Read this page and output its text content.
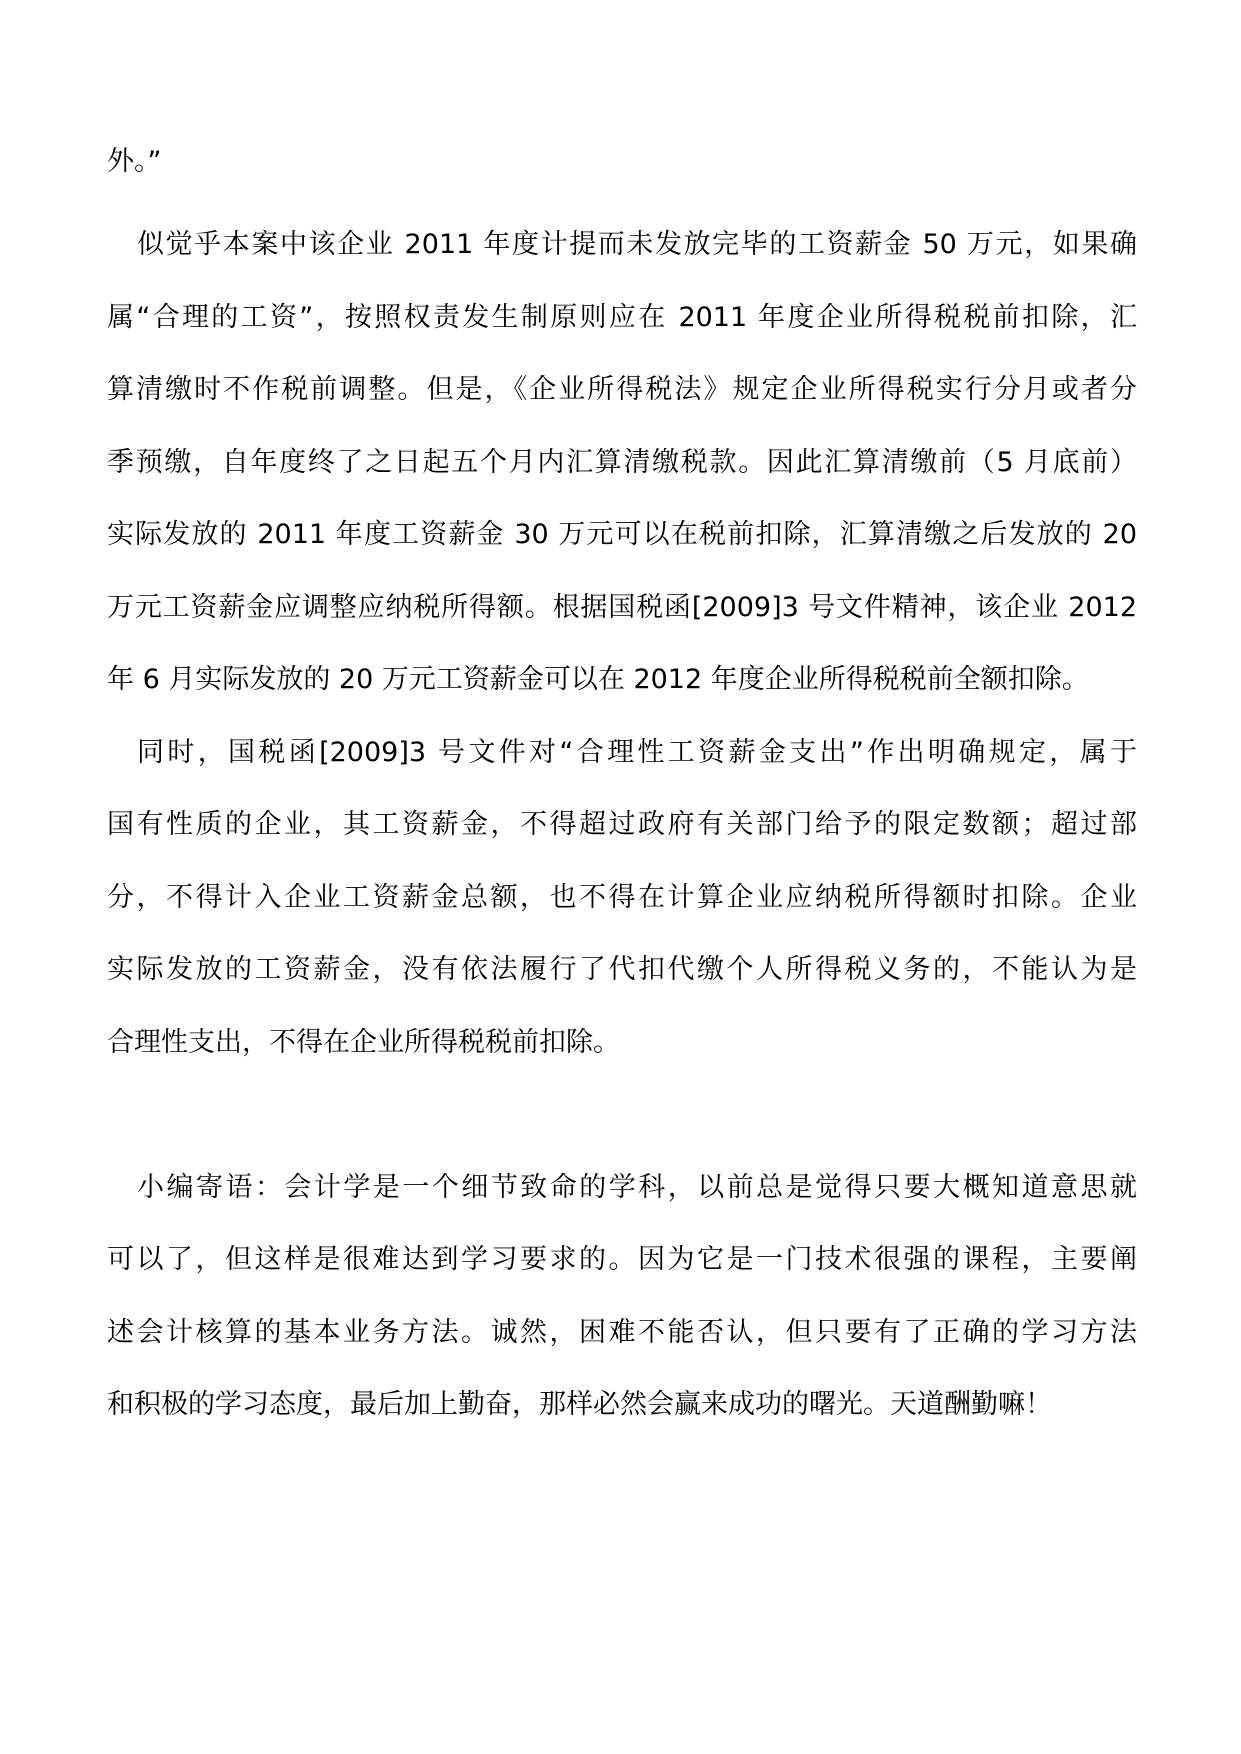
外。”
似觉乎本案中该企业 2011 年度计提而未发放完毕的工资薪金 50 万元，如果确
属“合理的工资”，按照权责发生制原则应在 2011 年度企业所得税税前扣除，汇
算清缴时不作税前调整。但是，《企业所得税法》规定企业所得税实行分月或者分
季预缴，自年度终了之日起五个月内汇算清缴税款。因此汇算清缴前（5 月底前）
实际发放的 2011 年度工资薪金 30 万元可以在税前扣除，汇算清缴之后发放的 20
万元工资薪金应调整应纳税所得额。根据国税函[2009]3 号文件精神，该企业 2012
年 6 月实际发放的 20 万元工资薪金可以在 2012 年度企业所得税税前全额扣除。
同时，国税函[2009]3 号文件对“合理性工资薪金支出”作出明确规定，属于
国有性质的企业，其工资薪金，不得超过政府有关部门给予的限定数额；超过部
分，不得计入企业工资薪金总额，也不得在计算企业应纳税所得额时扣除。企业
实际发放的工资薪金，没有依法履行了代扣代缴个人所得税义务的，不能认为是
合理性支出，不得在企业所得税税前扣除。
小编寄语：会计学是一个细节致命的学科，以前总是觉得只要大概知道意思就
可以了，但这样是很难达到学习要求的。因为它是一门技术很强的课程，主要阐
述会计核算的基本业务方法。诚然，困难不能否认，但只要有了正确的学习方法
和积极的学习态度，最后加上勤奋，那样必然会赢来成功的曙光。天道酬勤嘛！
